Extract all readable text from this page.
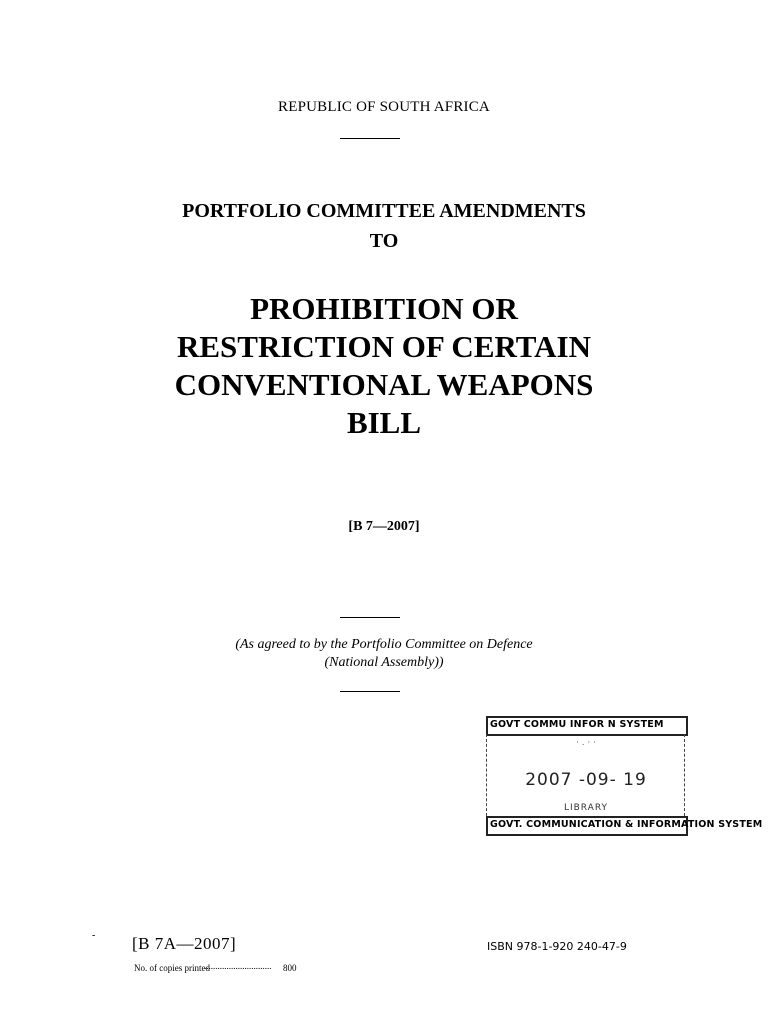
REPUBLIC OF SOUTH AFRICA
PORTFOLIO COMMITTEE AMENDMENTS
TO
PROHIBITION OR
RESTRICTION OF CERTAIN
CONVENTIONAL WEAPONS
BILL
[B 7—2007]
(As agreed to by the Portfolio Committee on Defence
(National Assembly))
GOVT COMMU INFOR N SYSTEM
· . · ·
2007 -09- 19
LIBRARY
GOVT. COMMUNICATION & INFORMATION SYSTEM
- [B 7A—2007]
No. of copies printed
.............................. 800
ISBN 978-1-920 240-47-9
